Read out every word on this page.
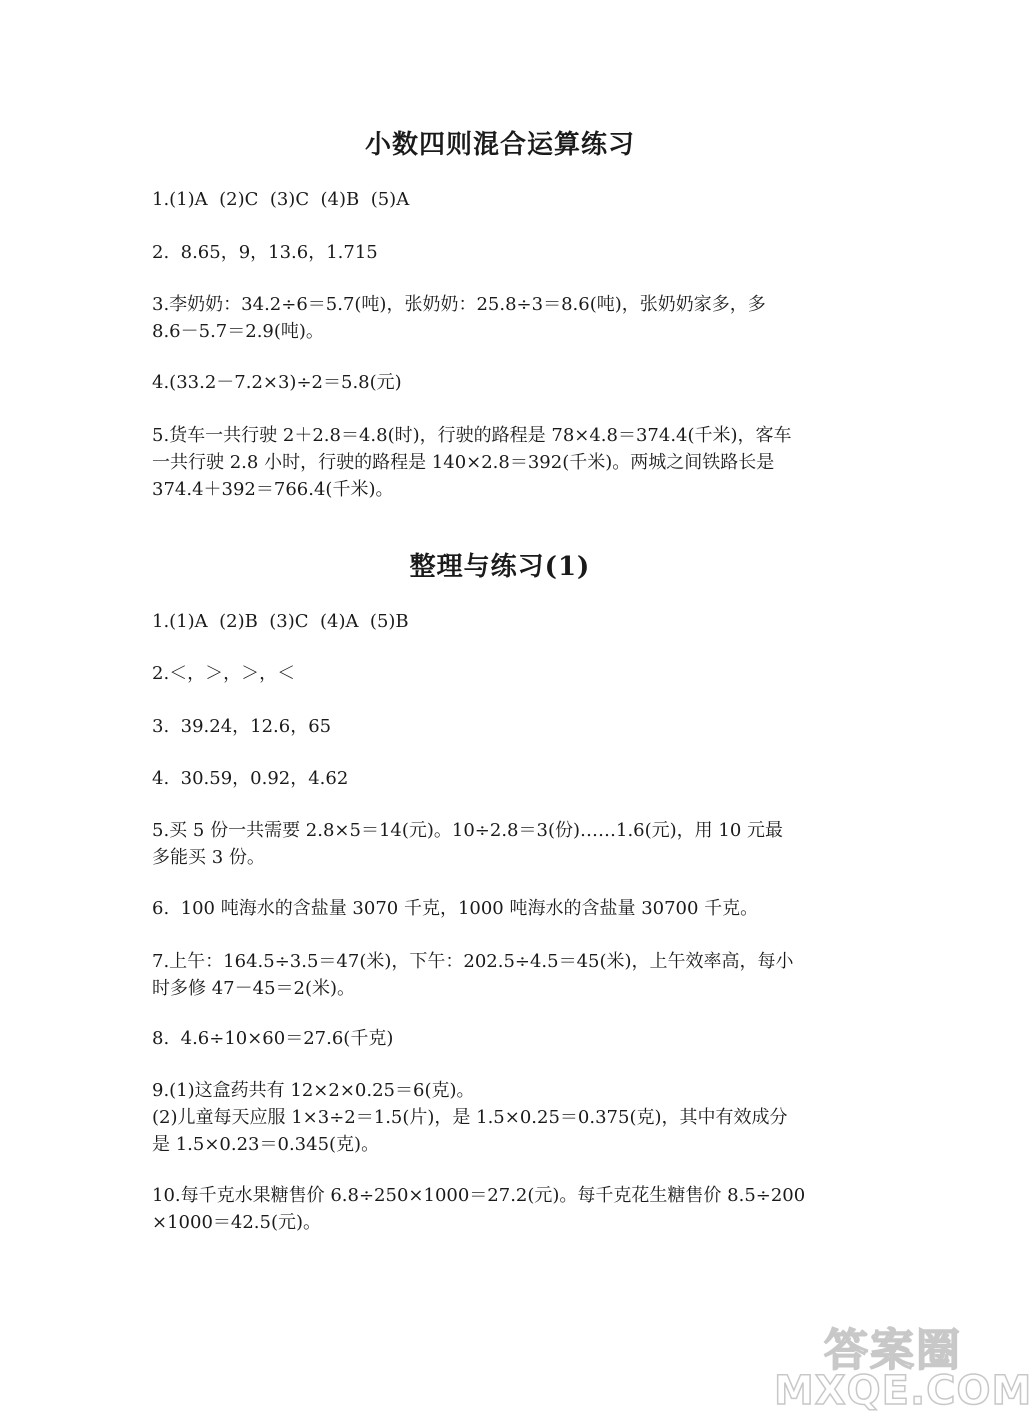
小数四则混合运算练习
1.(1)A  (2)C  (3)C  (4)B  (5)A
2.  8.65，9，13.6，1.715
3.李奶奶：34.2÷6＝5.7(吨)，张奶奶：25.8÷3＝8.6(吨)，张奶奶家多，多
8.6－5.7＝2.9(吨)。
4.(33.2－7.2×3)÷2＝5.8(元)
5.货车一共行驶 2＋2.8＝4.8(时)，行驶的路程是 78×4.8＝374.4(千米)，客车
一共行驶 2.8 小时，行驶的路程是 140×2.8＝392(千米)。两城之间铁路长是
374.4＋392＝766.4(千米)。
整理与练习(1)
1.(1)A  (2)B  (3)C  (4)A  (5)B
2.＜，＞，＞，＜
3.  39.24，12.6，65
4.  30.59，0.92，4.62
5.买 5 份一共需要 2.8×5＝14(元)。10÷2.8＝3(份)……1.6(元)，用 10 元最
多能买 3 份。
6.  100 吨海水的含盐量 3070 千克，1000 吨海水的含盐量 30700 千克。
7.上午：164.5÷3.5＝47(米)，下午：202.5÷4.5＝45(米)，上午效率高，每小
时多修 47－45＝2(米)。
8.  4.6÷10×60＝27.6(千克)
9.(1)这盒药共有 12×2×0.25＝6(克)。
(2)儿童每天应服 1×3÷2＝1.5(片)，是 1.5×0.25＝0.375(克)，其中有效成分
是 1.5×0.23＝0.345(克)。
10.每千克水果糖售价 6.8÷250×1000＝27.2(元)。每千克花生糖售价 8.5÷200
×1000＝42.5(元)。
答案圈
MXQE.COM
